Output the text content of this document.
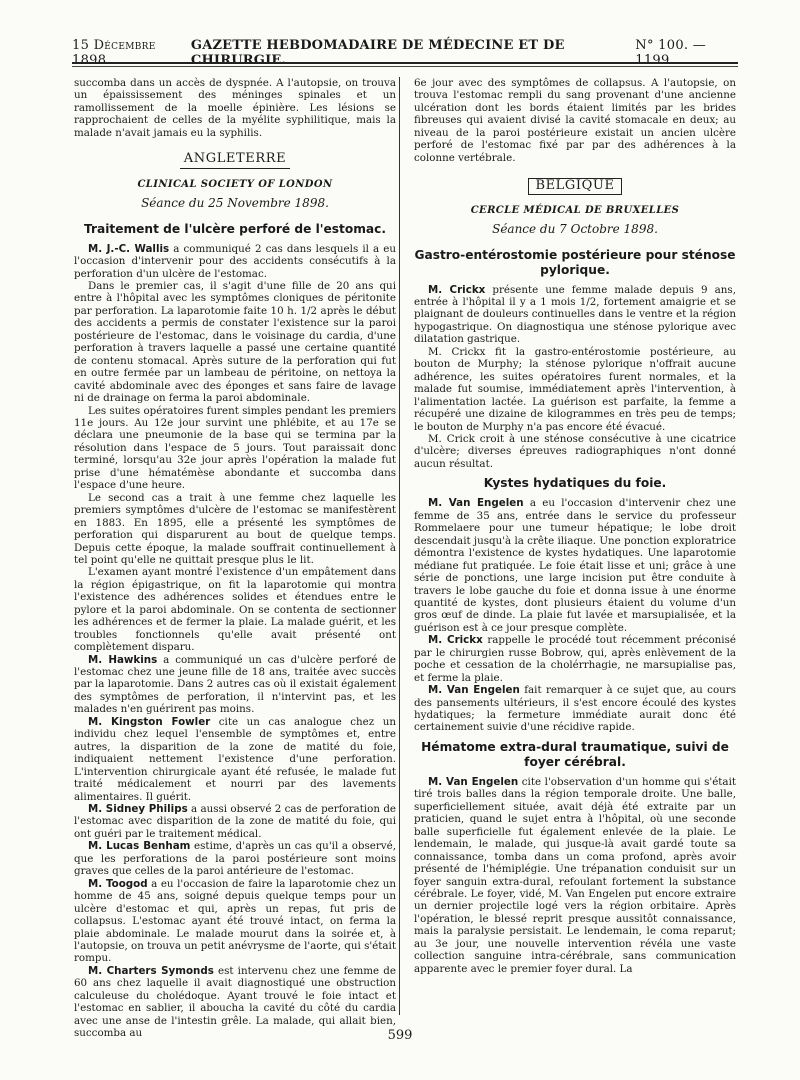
15 Décembre 1898.
GAZETTE HEBDOMADAIRE DE MÉDECINE ET DE CHIRURGIE.
N° 100. — 1199

succomba dans un accès de dyspnée. A l'autopsie, on trouva un épaississement des méninges spinales et un ramollissement de la moelle épinière. Les lésions se rapprochaient de celles de la myélite syphilitique, mais la malade n'avait jamais eu la syphilis.

ANGLETERRE
CLINICAL SOCIETY OF LONDON
Séance du 25 Novembre 1898.
Traitement de l'ulcère perforé de l'estomac.

M. J.-C. Wallis a communiqué 2 cas dans lesquels il a eu l'occasion d'intervenir pour des accidents consécutifs à la perforation d'un ulcère de l'estomac.

Dans le premier cas, il s'agit d'une fille de 20 ans qui entre à l'hôpital avec les symptômes cloniques de péritonite par perforation. La laparotomie faite 10 h. 1/2 après le début des accidents a permis de constater l'existence sur la paroi postérieure de l'estomac, dans le voisinage du cardia, d'une perforation à travers laquelle a passé une certaine quantité de contenu stomacal. Après suture de la perforation qui fut en outre fermée par un lambeau de péritoine, on nettoya la cavité abdominale avec des éponges et sans faire de lavage ni de drainage on ferma la paroi abdominale.

Les suites opératoires furent simples pendant les premiers 11e jours. Au 12e jour survint une phlébite, et au 17e se déclara une pneumonie de la base qui se termina par la résolution dans l'espace de 5 jours. Tout paraissait donc terminé, lorsqu'au 32e jour après l'opération la malade fut prise d'une hématémèse abondante et succomba dans l'espace d'une heure.

Le second cas a trait à une femme chez laquelle les premiers symptômes d'ulcère de l'estomac se manifestèrent en 1883. En 1895, elle a présenté les symptômes de perforation qui disparurent au bout de quelque temps. Depuis cette époque, la malade souffrait continuellement à tel point qu'elle ne quittait presque plus le lit.

L'examen ayant montré l'existence d'un empâtement dans la région épigastrique, on fit la laparotomie qui montra l'existence des adhérences solides et étendues entre le pylore et la paroi abdominale. On se contenta de sectionner les adhérences et de fermer la plaie. La malade guérit, et les troubles fonctionnels qu'elle avait présenté ont complètement disparu.

M. Hawkins a communiqué un cas d'ulcère perforé de l'estomac chez une jeune fille de 18 ans, traitée avec succès par la laparotomie. Dans 2 autres cas où il existait également des symptômes de perforation, il n'intervint pas, et les malades n'en guérirent pas moins.

M. Kingston Fowler cite un cas analogue chez un individu chez lequel l'ensemble de symptômes et, entre autres, la disparition de la zone de matité du foie, indiquaient nettement l'existence d'une perforation. L'intervention chirurgicale ayant été refusée, le malade fut traité médicalement et nourri par des lavements alimentaires. Il guérit.

M. Sidney Philips a aussi observé 2 cas de perforation de l'estomac avec disparition de la zone de matité du foie, qui ont guéri par le traitement médical.

M. Lucas Benham estime, d'après un cas qu'il a observé, que les perforations de la paroi postérieure sont moins graves que celles de la paroi antérieure de l'estomac.

M. Toogod a eu l'occasion de faire la laparotomie chez un homme de 45 ans, soigné depuis quelque temps pour un ulcère d'estomac et qui, après un repas, fut pris de collapsus. L'estomac ayant été trouvé intact, on ferma la plaie abdominale. Le malade mourut dans la soirée et, à l'autopsie, on trouva un petit anévrysme de l'aorte, qui s'était rompu.

M. Charters Symonds est intervenu chez une femme de 60 ans chez laquelle il avait diagnostiqué une obstruction calculeuse du cholédoque. Ayant trouvé le foie intact et l'estomac en sablier, il aboucha la cavité du côté du cardia avec une anse de l'intestin grêle. La malade, qui allait bien, succomba au

6e jour avec des symptômes de collapsus. A l'autopsie, on trouva l'estomac rempli du sang provenant d'une ancienne ulcération dont les bords étaient limités par les brides fibreuses qui avaient divisé la cavité stomacale en deux; au niveau de la paroi postérieure existait un ancien ulcère perforé de l'estomac fixé par par des adhérences à la colonne vertébrale.

BELGIQUE
CERCLE MÉDICAL DE BRUXELLES
Séance du 7 Octobre 1898.
Gastro-entérostomie postérieure pour sténose pylorique.

M. Crickx présente une femme malade depuis 9 ans, entrée à l'hôpital il y a 1 mois 1/2, fortement amaigrie et se plaignant de douleurs continuelles dans le ventre et la région hypogastrique. On diagnostiqua une sténose pylorique avec dilatation gastrique.

M. Crickx fit la gastro-entérostomie postérieure, au bouton de Murphy; la sténose pylorique n'offrait aucune adhérence, les suites opératoires furent normales, et la malade fut soumise, immédiatement après l'intervention, à l'alimentation lactée. La guérison est parfaite, la femme a récupéré une dizaine de kilogrammes en très peu de temps; le bouton de Murphy n'a pas encore été évacué.

M. Crick croit à une sténose consécutive à une cicatrice d'ulcère; diverses épreuves radiographiques n'ont donné aucun résultat.

Kystes hydatiques du foie.

M. Van Engelen a eu l'occasion d'intervenir chez une femme de 35 ans, entrée dans le service du professeur Rommelaere pour une tumeur hépatique; le lobe droit descendait jusqu'à la crête iliaque. Une ponction exploratrice démontra l'existence de kystes hydatiques. Une laparotomie médiane fut pratiquée. Le foie était lisse et uni; grâce à une série de ponctions, une large incision put être conduite à travers le lobe gauche du foie et donna issue à une énorme quantité de kystes, dont plusieurs étaient du volume d'un gros œuf de dinde. La plaie fut lavée et marsupialisée, et la guérison est à ce jour presque complète.

M. Crickx rappelle le procédé tout récemment préconisé par le chirurgien russe Bobrow, qui, après enlèvement de la poche et cessation de la cholérrhagie, ne marsupialise pas, et ferme la plaie.

M. Van Engelen fait remarquer à ce sujet que, au cours des pansements ultérieurs, il s'est encore écoulé des kystes hydatiques; la fermeture immédiate aurait donc été certainement suivie d'une récidive rapide.

Hématome extra-dural traumatique, suivi de foyer cérébral.

M. Van Engelen cite l'observation d'un homme qui s'était tiré trois balles dans la région temporale droite. Une balle, superficiellement située, avait déjà été extraite par un praticien, quand le sujet entra à l'hôpital, où une seconde balle superficielle fut également enlevée de la plaie. Le lendemain, le malade, qui jusque-là avait gardé toute sa connaissance, tomba dans un coma profond, après avoir présenté de l'hémiplégie. Une trépanation conduisit sur un foyer sanguin extra-dural, refoulant fortement la substance cérébrale. Le foyer, vidé, M. Van Engelen put encore extraire un dernier projectile logé vers la région orbitaire. Après l'opération, le blessé reprit presque aussitôt connaissance, mais la paralysie persistait. Le lendemain, le coma reparut; au 3e jour, une nouvelle intervention révéla une vaste collection sanguine intra-cérébrale, sans communication apparente avec le premier foyer dural. La

599
